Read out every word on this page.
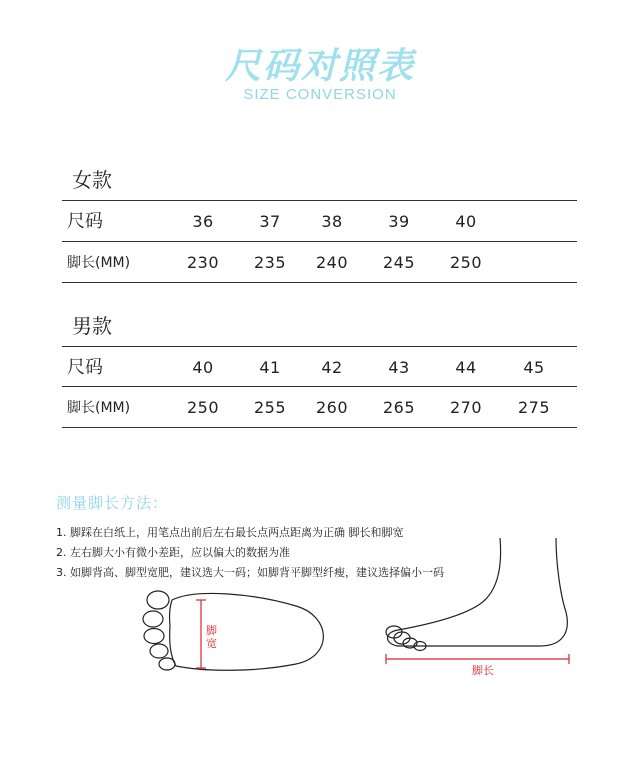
尺码对照表
SIZE CONVERSION
女款
尺码	36	37	38	39	40
脚长(MM)	230	235	240	245	250
男款
尺码	40	41	42	43	44	45
脚长(MM)	250	255	260	265	270	275
测量脚长方法：
1. 脚踩在白纸上，用笔点出前后左右最长点两点距离为正确 脚长和脚宽
2. 左右脚大小有微小差距，应以偏大的数据为准
3. 如脚背高、脚型宽肥，建议选大一码；如脚背平脚型纤瘦，建议选择偏小一码
脚宽
脚长
